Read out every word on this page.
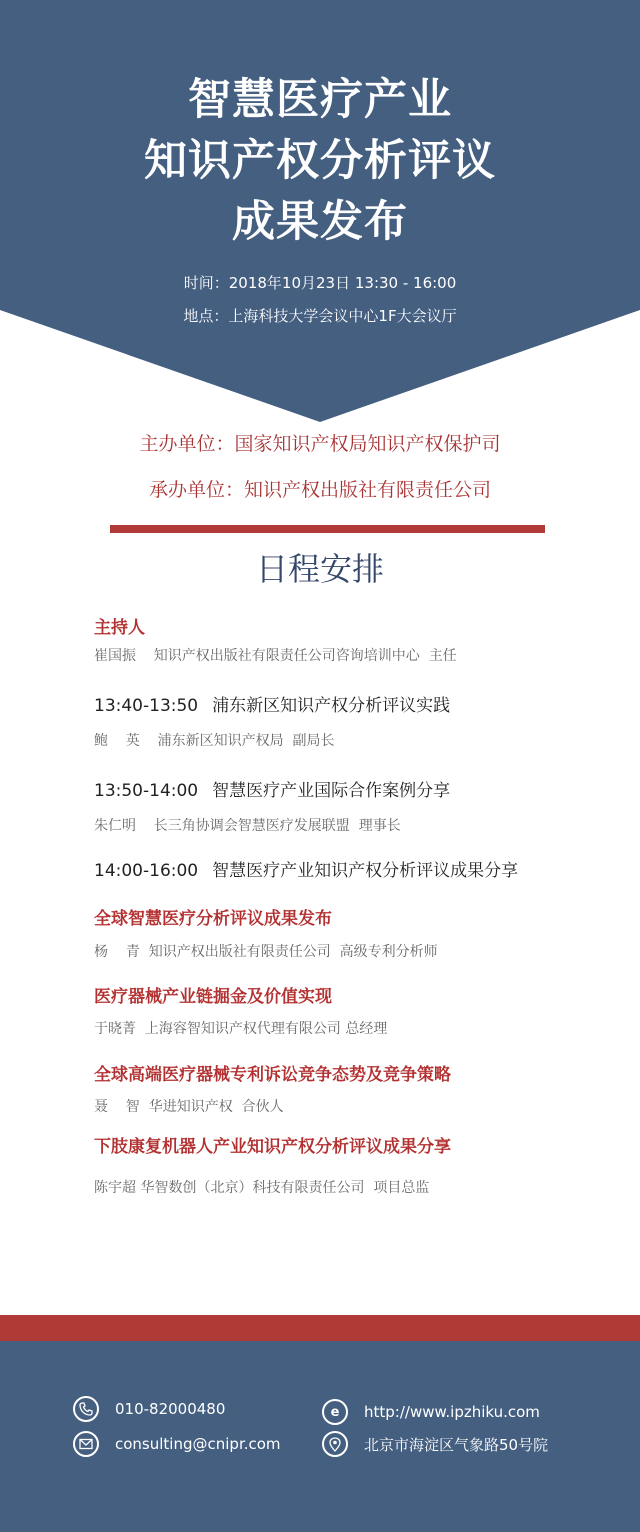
智慧医疗产业
知识产权分析评议
成果发布
时间：2018年10月23日 13:30 - 16:00
地点：上海科技大学会议中心1F大会议厅
主办单位：国家知识产权局知识产权保护司
承办单位：知识产权出版社有限责任公司
日程安排
主持人
崔国振    知识产权出版社有限责任公司咨询培训中心  主任
13:40-13:50 浦东新区知识产权分析评议实践
鲍    英    浦东新区知识产权局  副局长
13:50-14:00 智慧医疗产业国际合作案例分享
朱仁明    长三角协调会智慧医疗发展联盟  理事长
14:00-16:00 智慧医疗产业知识产权分析评议成果分享
全球智慧医疗分析评议成果发布
杨    青  知识产权出版社有限责任公司  高级专利分析师
医疗器械产业链掘金及价值实现
于晓菁  上海容智知识产权代理有限公司 总经理
全球高端医疗器械专利诉讼竞争态势及竞争策略
聂    智  华进知识产权  合伙人
下肢康复机器人产业知识产权分析评议成果分享
陈宇超 华智数创（北京）科技有限责任公司  项目总监
010-82000480
consulting@cnipr.com
e	http://www.ipzhiku.com
北京市海淀区气象路50号院
